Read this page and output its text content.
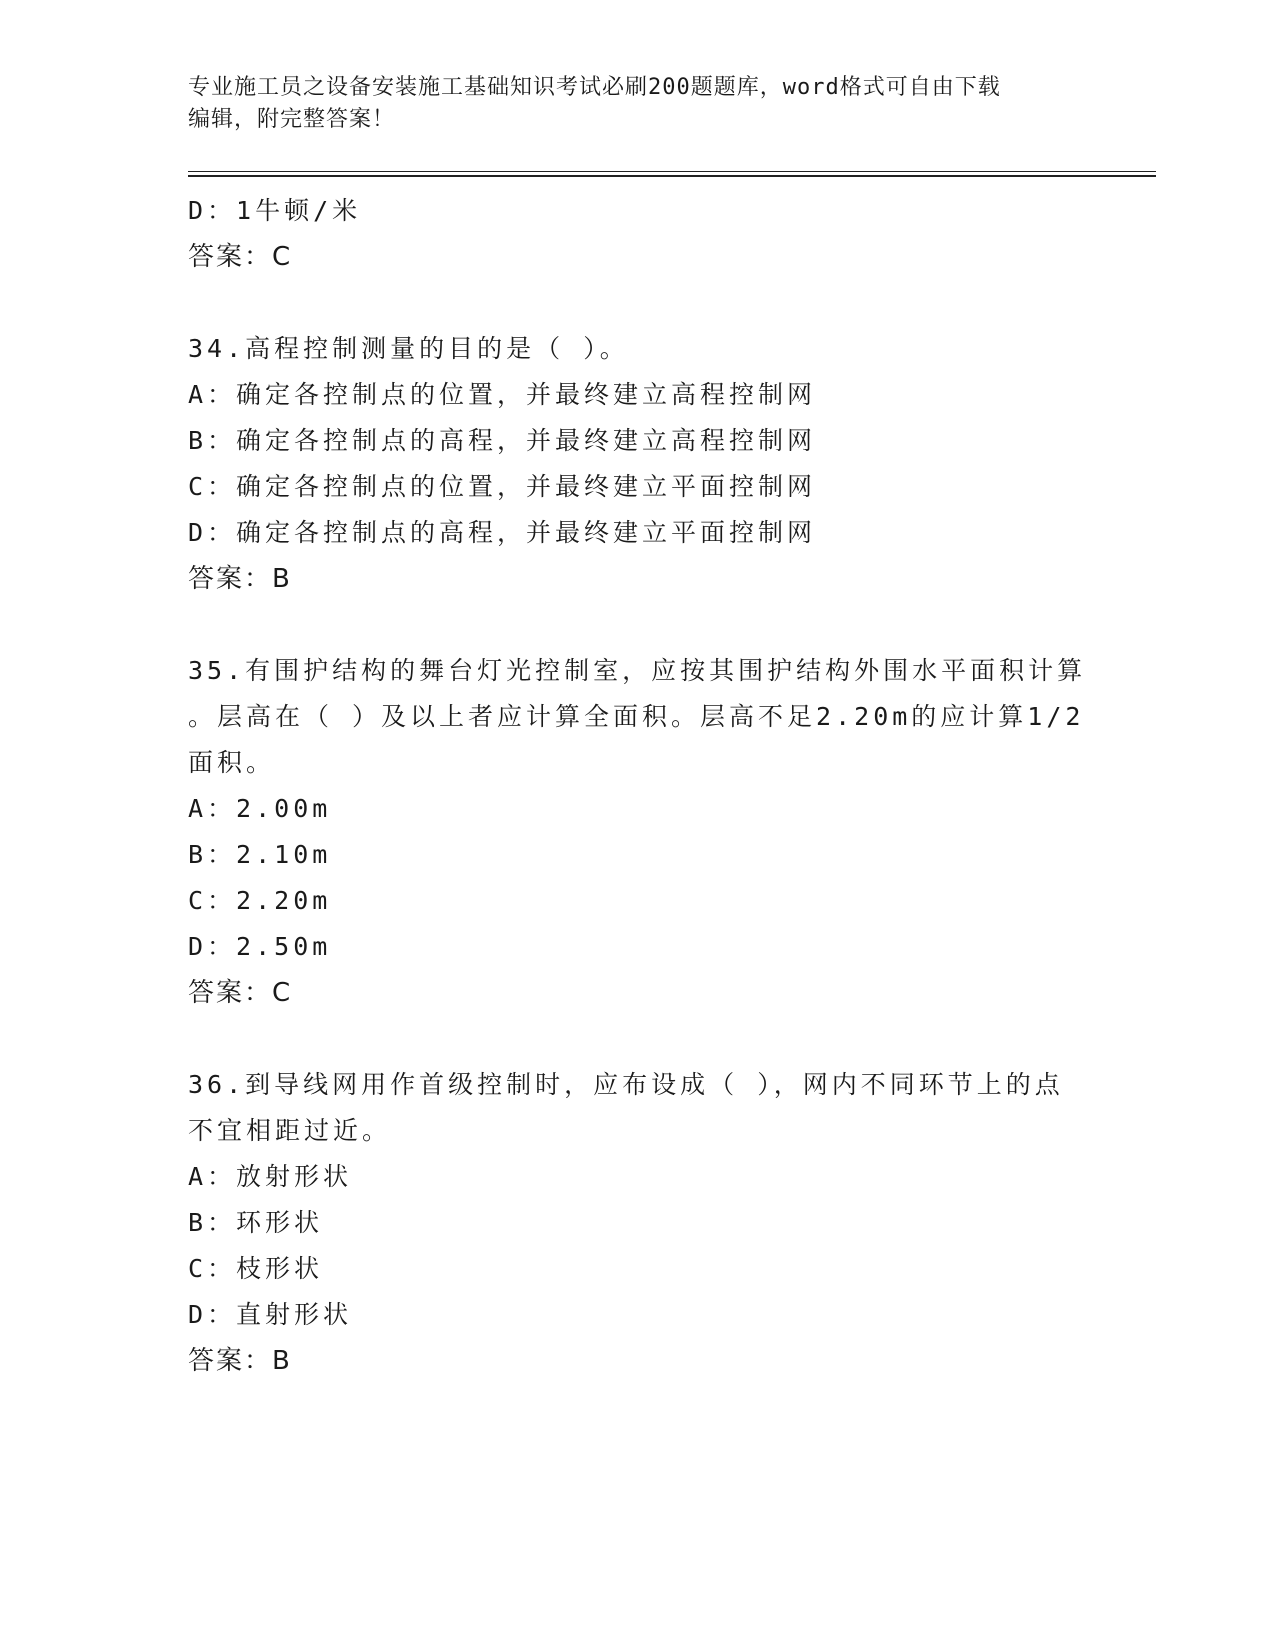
专业施工员之设备安装施工基础知识考试必刷200题题库，word格式可自由下载
编辑，附完整答案！
D：1牛顿/米
答案：C
34.高程控制测量的目的是（ ）。
A：确定各控制点的位置，并最终建立高程控制网
B：确定各控制点的高程，并最终建立高程控制网
C：确定各控制点的位置，并最终建立平面控制网
D：确定各控制点的高程，并最终建立平面控制网
答案：B
35.有围护结构的舞台灯光控制室，应按其围护结构外围水平面积计算
。层高在（ ）及以上者应计算全面积。层高不足2.20m的应计算1/2
面积。
A：2.00m
B：2.10m
C：2.20m
D：2.50m
答案：C
36.到导线网用作首级控制时，应布设成（ ），网内不同环节上的点
不宜相距过近。
A：放射形状
B：环形状
C：枝形状
D：直射形状
答案：B
